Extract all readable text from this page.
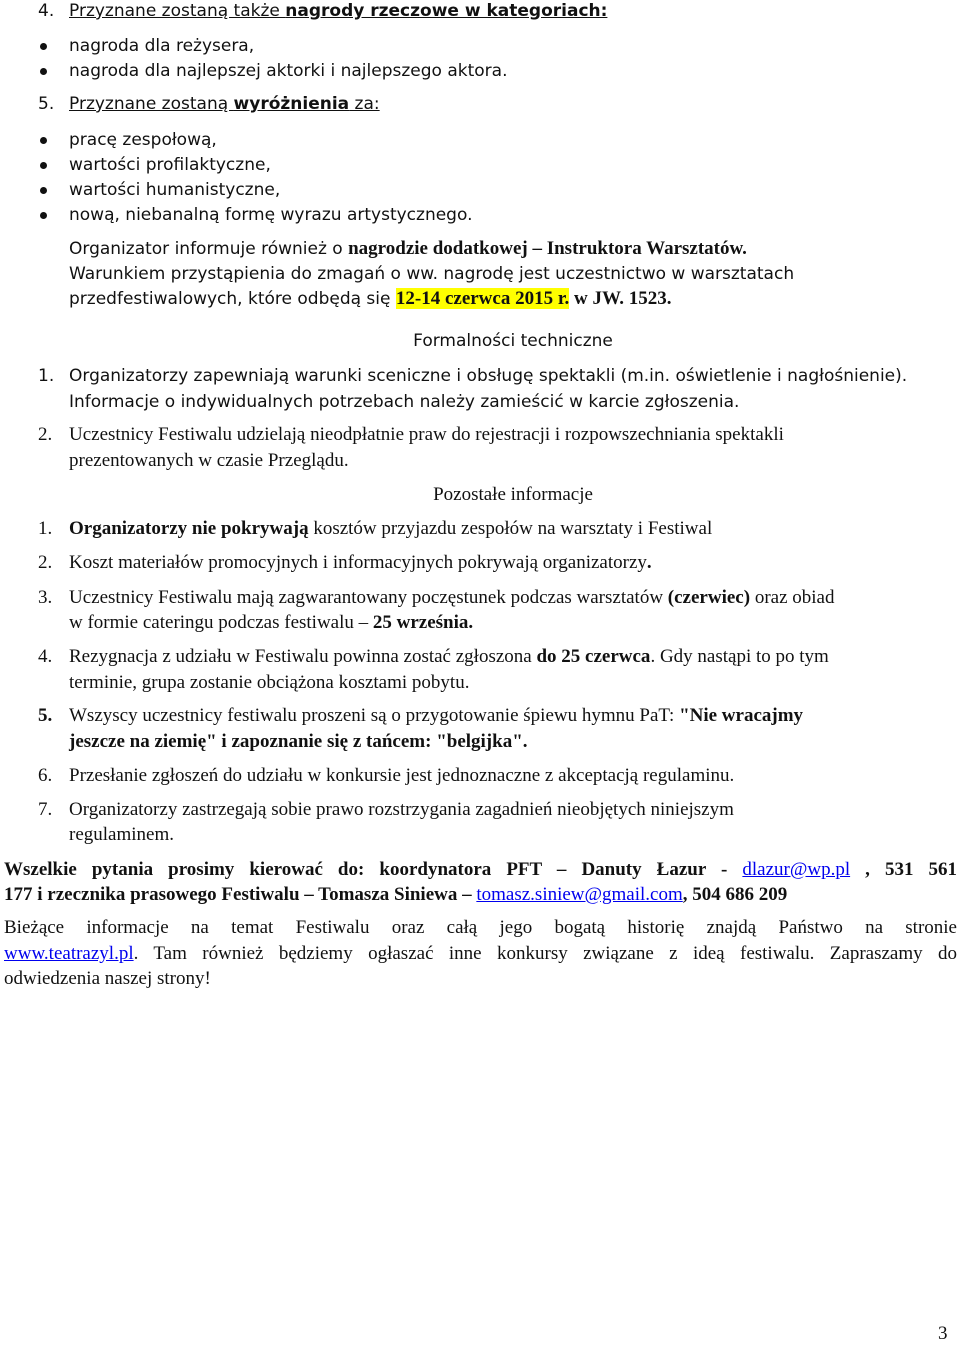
4. Przyznane zostaną także nagrody rzeczowe w kategoriach:
nagroda dla reżysera,
nagroda dla najlepszej aktorki i najlepszego aktora.
5. Przyznane zostaną wyróżnienia za:
pracę zespołową,
wartości profilaktyczne,
wartości humanistyczne,
nową, niebanalną formę wyrazu artystycznego.
Organizator informuje również o nagrodzie dodatkowej – Instruktora Warsztatów.
Warunkiem przystąpienia do zmagań o ww. nagrodę jest uczestnictwo w warsztatach
przedfestiwalowych, które odbędą się 12-14 czerwca 2015 r. w JW. 1523.
Formalności techniczne
1. Organizatorzy zapewniają warunki sceniczne i obsługę spektakli (m.in. oświetlenie i nagłośnienie).
Informacje o indywidualnych potrzebach należy zamieścić w karcie zgłoszenia.
2. Uczestnicy Festiwalu udzielają nieodpłatnie praw do rejestracji i rozpowszechniania spektakli
prezentowanych w czasie Przeglądu.
Pozostałe informacje
1. Organizatorzy nie pokrywają kosztów przyjazdu zespołów na warsztaty i Festiwal
2. Koszt materiałów promocyjnych i informacyjnych pokrywają organizatorzy.
3. Uczestnicy Festiwalu mają zagwarantowany poczęstunek podczas warsztatów (czerwiec) oraz obiad
w formie cateringu podczas festiwalu – 25 września.
4. Rezygnacja z udziału w Festiwalu powinna zostać zgłoszona do 25 czerwca. Gdy nastąpi to po tym
terminie, grupa zostanie obciążona kosztami pobytu.
5. Wszyscy uczestnicy festiwalu proszeni są o przygotowanie śpiewu hymnu PaT: "Nie wracajmy
jeszcze na ziemię" i zapoznanie się z tańcem: "belgijka".
6. Przesłanie zgłoszeń do udziału w konkursie jest jednoznaczne z akceptacją regulaminu.
7. Organizatorzy zastrzegają sobie prawo rozstrzygania zagadnień nieobjętych niniejszym
regulaminem.
Wszelkie pytania prosimy kierować do: koordynatora PFT – Danuty Łazur - dlazur@wp.pl , 531 561
177 i rzecznika prasowego Festiwalu – Tomasza Siniewa – tomasz.siniew@gmail.com, 504 686 209
Bieżące informacje na temat Festiwalu oraz całą jego bogatą historię znajdą Państwo na stronie
www.teatrazyl.pl. Tam również będziemy ogłaszać inne konkursy związane z ideą festiwalu. Zapraszamy do
odwiedzenia naszej strony!
3
